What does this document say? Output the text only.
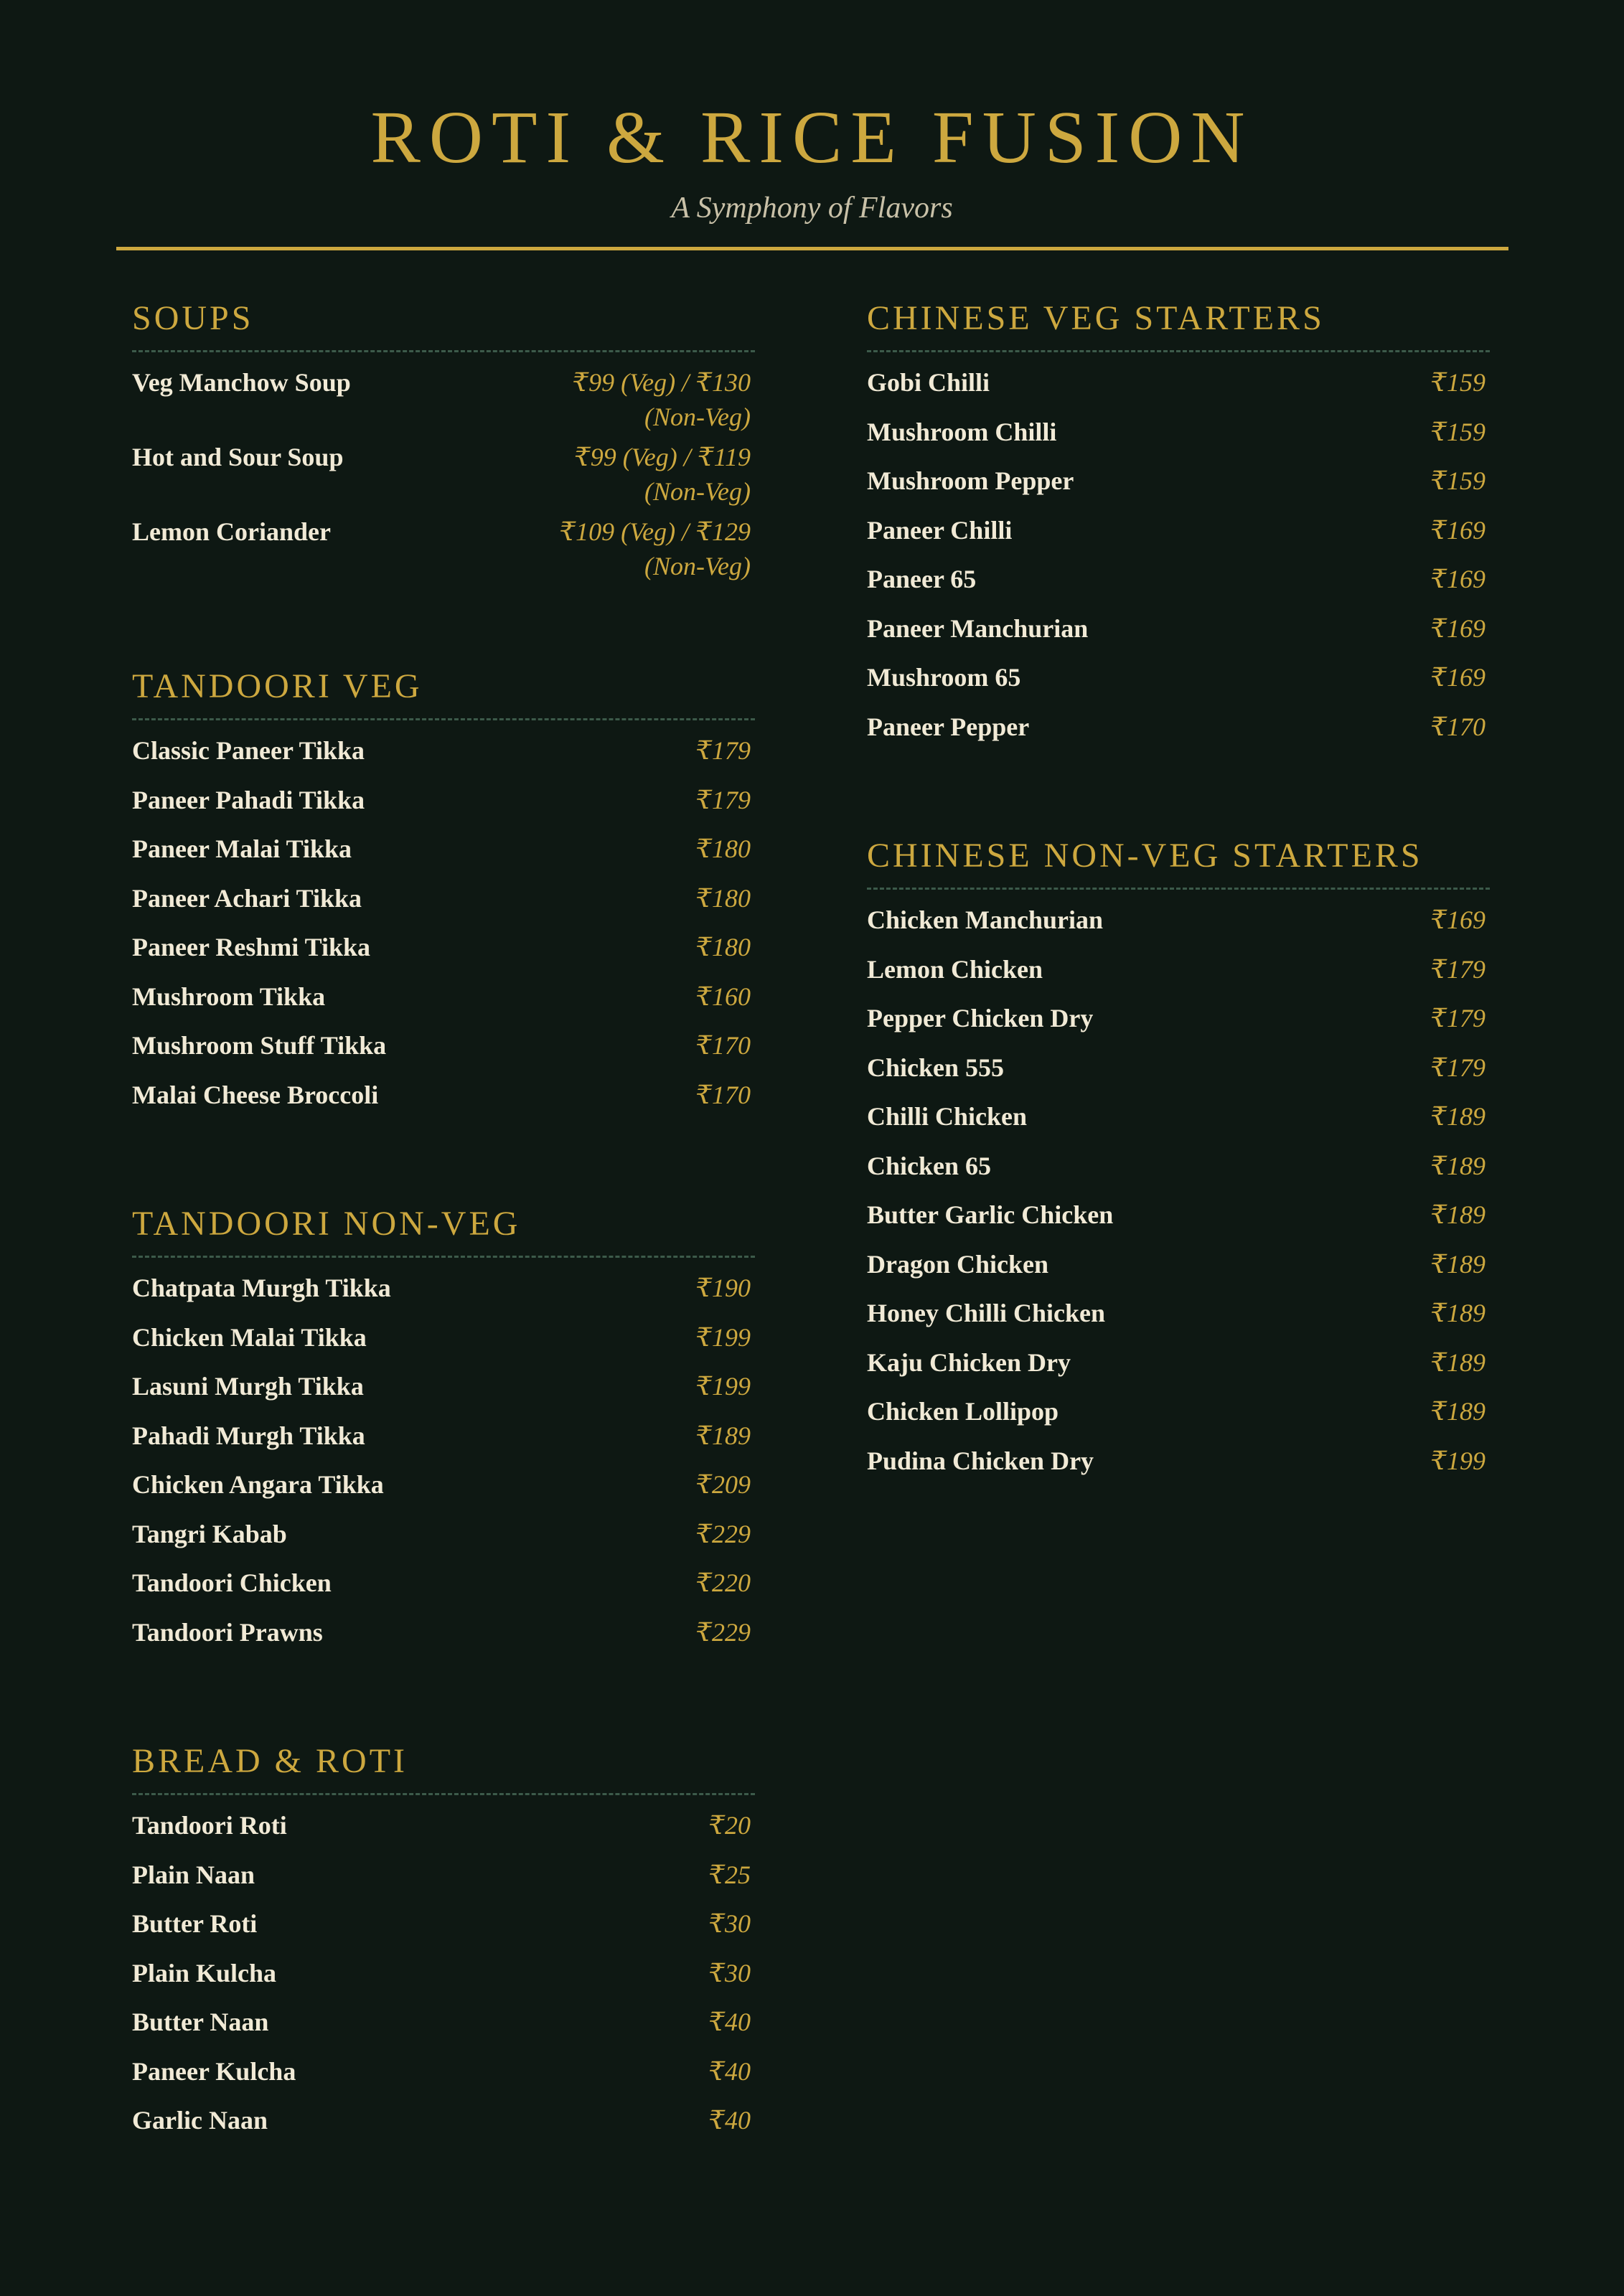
ROTI & RICE FUSION
A Symphony of Flavors
SOUPS
Veg Manchow Soup	₹99 (Veg) / ₹130 (Non-Veg)
Hot and Sour Soup	₹99 (Veg) / ₹119 (Non-Veg)
Lemon Coriander	₹109 (Veg) / ₹129 (Non-Veg)
TANDOORI VEG
Classic Paneer Tikka	₹179
Paneer Pahadi Tikka	₹179
Paneer Malai Tikka	₹180
Paneer Achari Tikka	₹180
Paneer Reshmi Tikka	₹180
Mushroom Tikka	₹160
Mushroom Stuff Tikka	₹170
Malai Cheese Broccoli	₹170
TANDOORI NON-VEG
Chatpata Murgh Tikka	₹190
Chicken Malai Tikka	₹199
Lasuni Murgh Tikka	₹199
Pahadi Murgh Tikka	₹189
Chicken Angara Tikka	₹209
Tangri Kabab	₹229
Tandoori Chicken	₹220
Tandoori Prawns	₹229
BREAD & ROTI
Tandoori Roti	₹20
Plain Naan	₹25
Butter Roti	₹30
Plain Kulcha	₹30
Butter Naan	₹40
Paneer Kulcha	₹40
Garlic Naan	₹40
CHINESE VEG STARTERS
Gobi Chilli	₹159
Mushroom Chilli	₹159
Mushroom Pepper	₹159
Paneer Chilli	₹169
Paneer 65	₹169
Paneer Manchurian	₹169
Mushroom 65	₹169
Paneer Pepper	₹170
CHINESE NON-VEG STARTERS
Chicken Manchurian	₹169
Lemon Chicken	₹179
Pepper Chicken Dry	₹179
Chicken 555	₹179
Chilli Chicken	₹189
Chicken 65	₹189
Butter Garlic Chicken	₹189
Dragon Chicken	₹189
Honey Chilli Chicken	₹189
Kaju Chicken Dry	₹189
Chicken Lollipop	₹189
Pudina Chicken Dry	₹199
